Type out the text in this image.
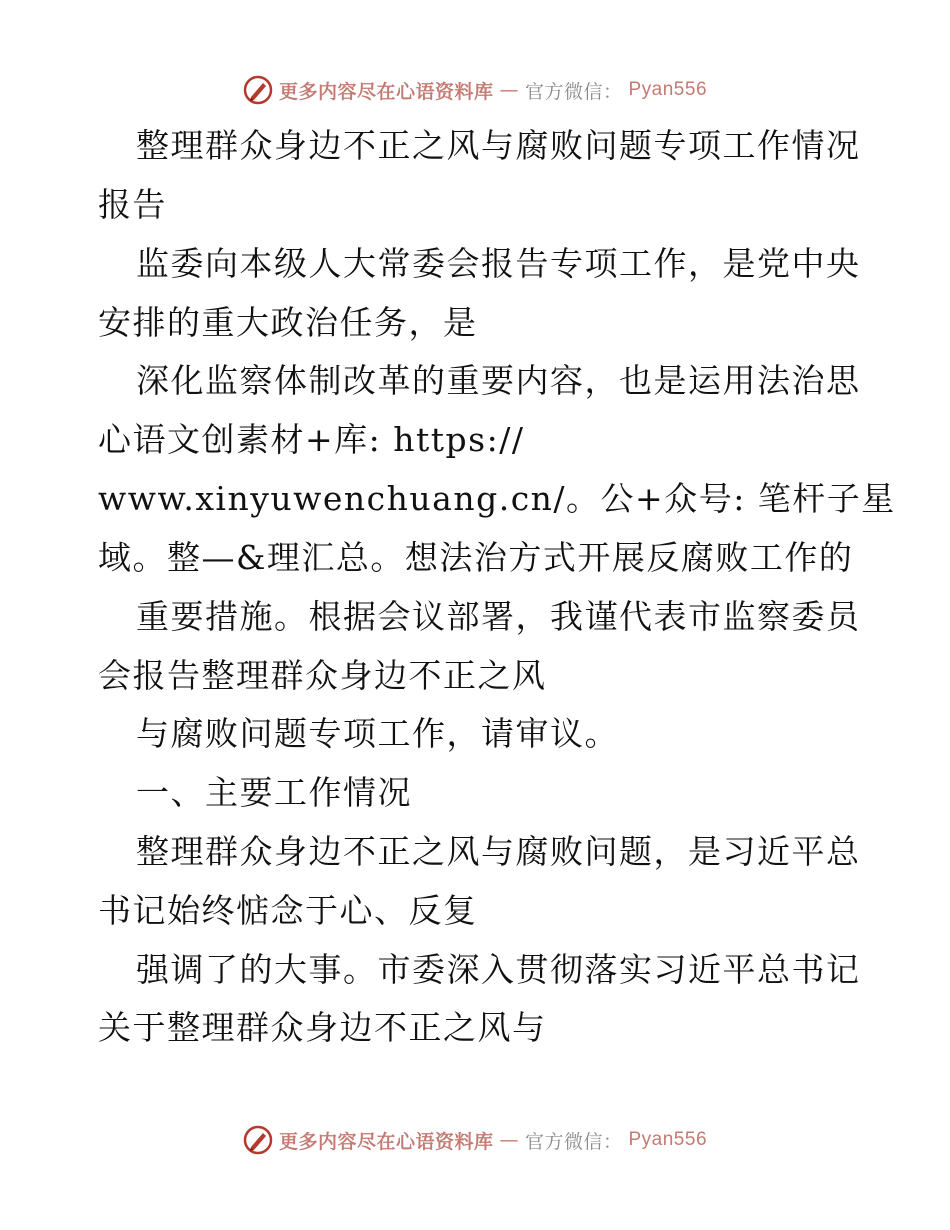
更多内容尽在心语资料库 — 官方微信： Pyan556
整理群众身边不正之风与腐败问题专项工作情况
报告
监委向本级人大常委会报告专项工作，是党中央
安排的重大政治任务，是
深化监察体制改革的重要内容，也是运用法治思
心语文创素材+库: https://
www.xinyuwenchuang.cn/。公+众号: 笔杆子星
域。整—&理汇总。想法治方式开展反腐败工作的
重要措施。根据会议部署，我谨代表市监察委员
会报告整理群众身边不正之风
与腐败问题专项工作，请审议。
一、主要工作情况
整理群众身边不正之风与腐败问题，是习近平总
书记始终惦念于心、反复
强调了的大事。市委深入贯彻落实习近平总书记
关于整理群众身边不正之风与
更多内容尽在心语资料库 — 官方微信： Pyan556
